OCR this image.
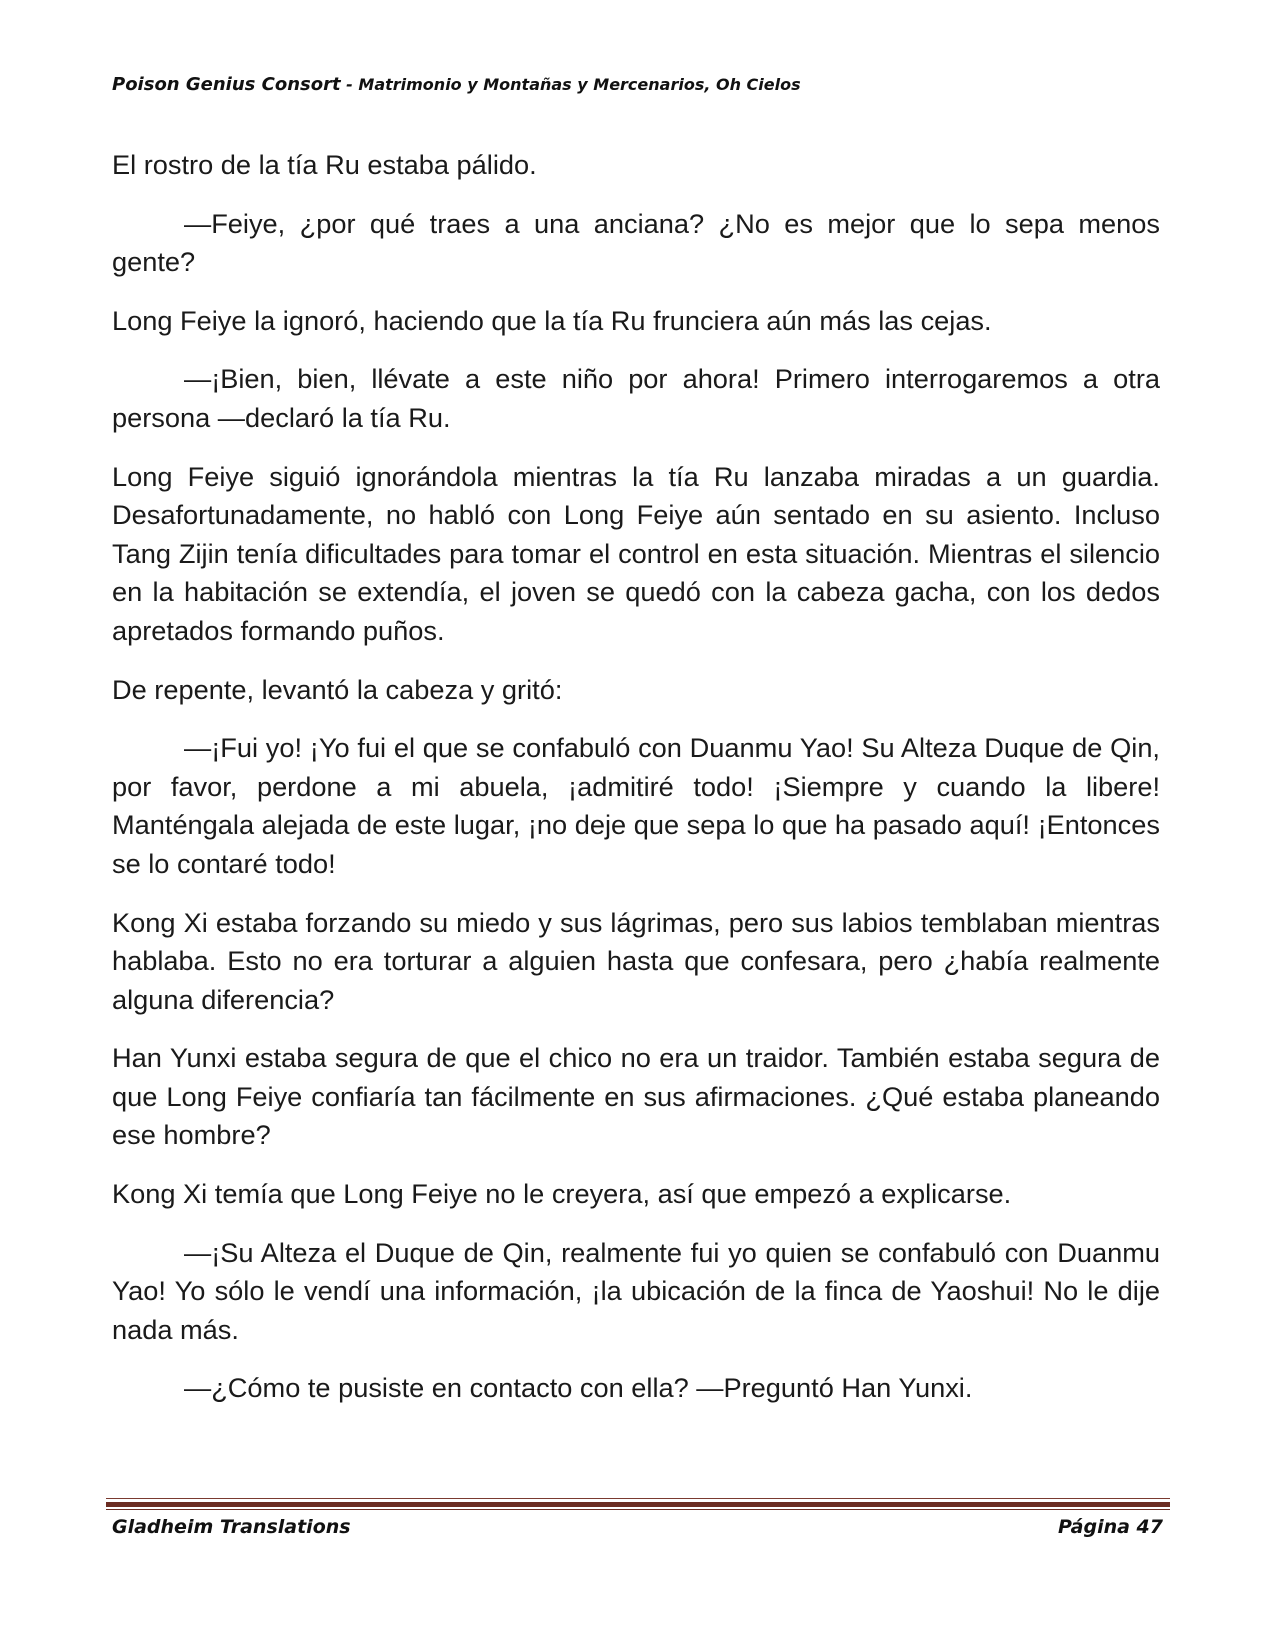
Poison Genius Consort - Matrimonio y Montañas y Mercenarios, Oh Cielos

El rostro de la tía Ru estaba pálido.

—Feiye, ¿por qué traes a una anciana? ¿No es mejor que lo sepa menos gente?

Long Feiye la ignoró, haciendo que la tía Ru frunciera aún más las cejas.

—¡Bien, bien, llévate a este niño por ahora! Primero interrogaremos a otra persona —declaró la tía Ru.

Long Feiye siguió ignorándola mientras la tía Ru lanzaba miradas a un guardia. Desafortunadamente, no habló con Long Feiye aún sentado en su asiento. Incluso Tang Zijin tenía dificultades para tomar el control en esta situación. Mientras el silencio en la habitación se extendía, el joven se quedó con la cabeza gacha, con los dedos apretados formando puños.

De repente, levantó la cabeza y gritó:

—¡Fui yo! ¡Yo fui el que se confabuló con Duanmu Yao! Su Alteza Duque de Qin, por favor, perdone a mi abuela, ¡admitiré todo! ¡Siempre y cuando la libere! Manténgala alejada de este lugar, ¡no deje que sepa lo que ha pasado aquí! ¡Entonces se lo contaré todo!

Kong Xi estaba forzando su miedo y sus lágrimas, pero sus labios temblaban mientras hablaba. Esto no era torturar a alguien hasta que confesara, pero ¿había realmente alguna diferencia?

Han Yunxi estaba segura de que el chico no era un traidor. También estaba segura de que Long Feiye confiaría tan fácilmente en sus afirmaciones. ¿Qué estaba planeando ese hombre?

Kong Xi temía que Long Feiye no le creyera, así que empezó a explicarse.

—¡Su Alteza el Duque de Qin, realmente fui yo quien se confabuló con Duanmu Yao! Yo sólo le vendí una información, ¡la ubicación de la finca de Yaoshui! No le dije nada más.

—¿Cómo te pusiste en contacto con ella? —Preguntó Han Yunxi.

Gladheim Translations	Página 47
